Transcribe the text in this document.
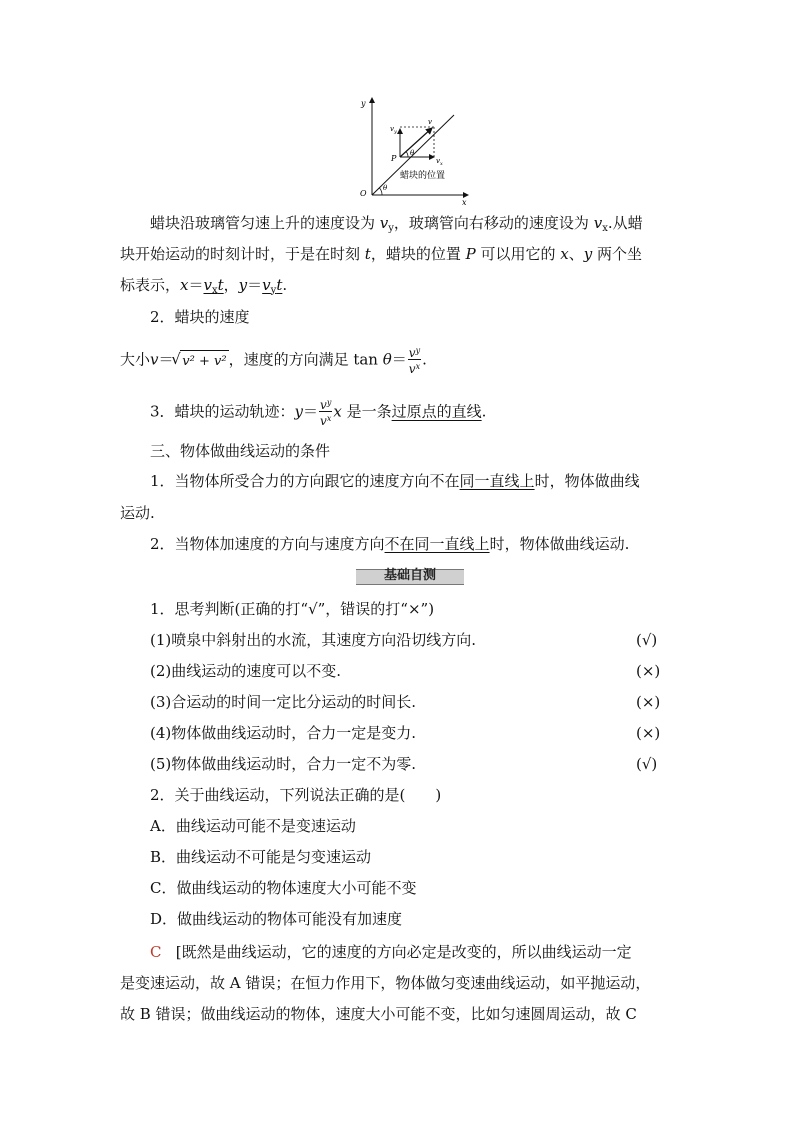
y
x
O
P
θ
θ
v
$v_y$
$v_x$
蜡块的位置
蜡块沿玻璃管匀速上升的速度设为 $v_y$，玻璃管向右移动的速度设为 $v_x$.从蜡
块开始运动的时刻计时，于是在时刻 t，蜡块的位置 P 可以用它的 x、y 两个坐
标表示，$x=v_xt$，$y=v_yt$.
2．蜡块的速度
大小v＝ √ v² + v² ，速度的方向满足 $\tan \theta= \frac{v^y}{v^x}$ .
3．蜡块的运动轨迹：$y= \frac{v^y}{v^x}$ x 是一条过原点的直线.
三、物体做曲线运动的条件
1．当物体所受合力的方向跟它的速度方向不在同一直线上时，物体做曲线
运动.
2．当物体加速度的方向与速度方向不在同一直线上时，物体做曲线运动.
基础自测
1．思考判断(正确的打“√”，错误的打“×”)
(1)喷泉中斜射出的水流，其速度方向沿切线方向.	(√)
(2)曲线运动的速度可以不变.	(×)
(3)合运动的时间一定比分运动的时间长.	(×)
(4)物体做曲线运动时，合力一定是变力.	(×)
(5)物体做曲线运动时，合力一定不为零.	(√)
2．关于曲线运动，下列说法正确的是(　　)
A．曲线运动可能不是变速运动
B．曲线运动不可能是匀变速运动
C．做曲线运动的物体速度大小可能不变
D．做曲线运动的物体可能没有加速度
C [既然是曲线运动，它的速度的方向必定是改变的，所以曲线运动一定
是变速运动，故 A 错误；在恒力作用下，物体做匀变速曲线运动，如平抛运动，
故 B 错误；做曲线运动的物体，速度大小可能不变，比如匀速圆周运动，故 C
